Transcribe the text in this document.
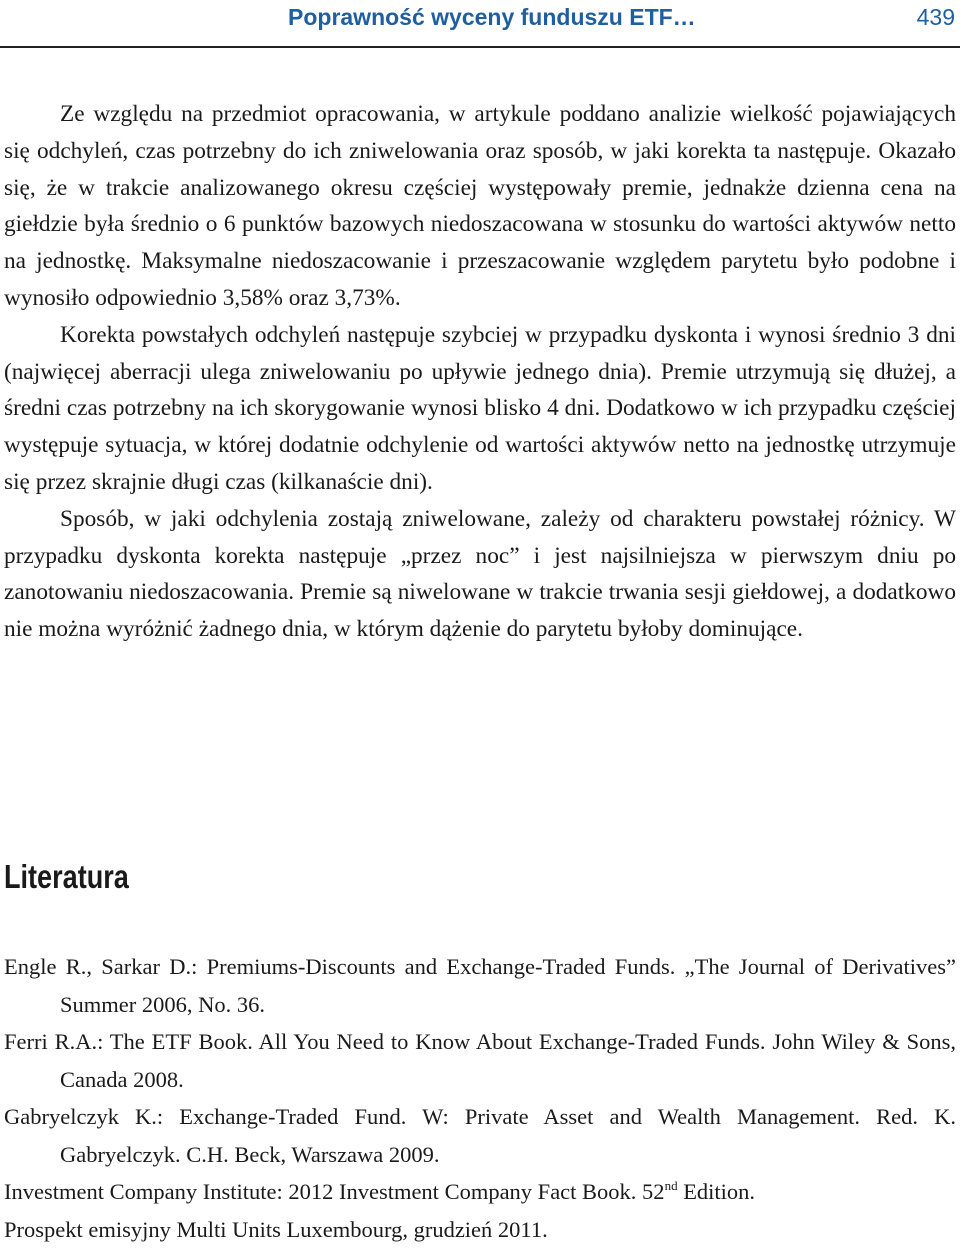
Poprawność wyceny funduszu ETF…	439

Ze względu na przedmiot opracowania, w artykule poddano analizie wielkość pojawiających się odchyleń, czas potrzebny do ich zniwelowania oraz sposób, w jaki korekta ta następuje. Okazało się, że w trakcie analizowanego okresu częściej występowały premie, jednakże dzienna cena na giełdzie była średnio o 6 punktów bazowych niedoszacowana w stosunku do wartości aktywów netto na jednostkę. Maksymalne niedoszacowanie i przeszacowanie względem parytetu było podobne i wynosiło odpowiednio 3,58% oraz 3,73%.

Korekta powstałych odchyleń następuje szybciej w przypadku dyskonta i wynosi średnio 3 dni (najwięcej aberracji ulega zniwelowaniu po upływie jednego dnia). Premie utrzymują się dłużej, a średni czas potrzebny na ich skorygowanie wynosi blisko 4 dni. Dodatkowo w ich przypadku częściej występuje sytuacja, w której dodatnie odchylenie od wartości aktywów netto na jednostkę utrzymuje się przez skrajnie długi czas (kilkanaście dni).

Sposób, w jaki odchylenia zostają zniwelowane, zależy od charakteru powstałej różnicy. W przypadku dyskonta korekta następuje „przez noc” i jest najsilniejsza w pierwszym dniu po zanotowaniu niedoszacowania. Premie są niwelowane w trakcie trwania sesji giełdowej, a dodatkowo nie można wyróżnić żadnego dnia, w którym dążenie do parytetu byłoby dominujące.

Literatura
Engle R., Sarkar D.: Premiums-Discounts and Exchange-Traded Funds. „The Journal of Derivatives” Summer 2006, No. 36.
Ferri R.A.: The ETF Book. All You Need to Know About Exchange-Traded Funds. John Wiley & Sons, Canada 2008.
Gabryelczyk K.: Exchange-Traded Fund. W: Private Asset and Wealth Management. Red. K. Gabryelczyk. C.H. Beck, Warszawa 2009.
Investment Company Institute: 2012 Investment Company Fact Book. 52nd Edition.
Prospekt emisyjny Multi Units Luxembourg, grudzień 2011.
